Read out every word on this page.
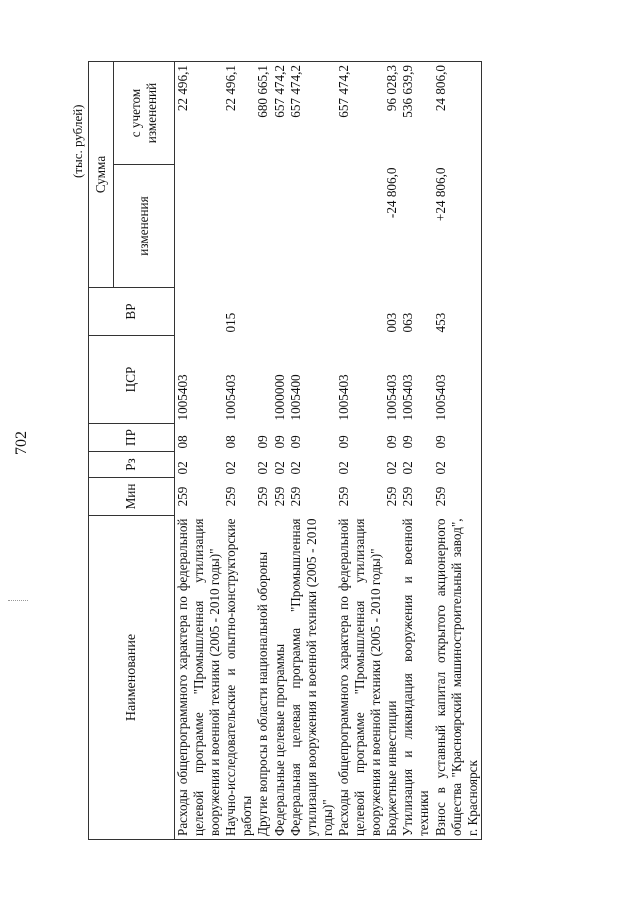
702
(тыс. рублей)
Наименование	Мин	Рз	ПР	ЦСР	ВР	Сумма	
						изменения	с учетом изменений
Расходы общепрограммного характера по федеральной целевой программе "Промышленная утилизация вооружения и военной техники (2005 - 2010 годы)"	259	02	08	1005403			22 496,1
Научно-исследовательские и опытно-конструкторские работы	259	02	08	1005403	015		22 496,1
Другие вопросы в области национальной обороны	259	02	09				680 665,1
Федеральные целевые программы	259	02	09	1000000			657 474,2
Федеральная целевая программа "Промышленная утилизация вооружения и военной техники (2005 - 2010 годы)"	259	02	09	1005400			657 474,2
Расходы общепрограммного характера по федеральной целевой программе "Промышленная утилизация вооружения и военной техники (2005 - 2010 годы)"	259	02	09	1005403			657 474,2
Бюджетные инвестиции	259	02	09	1005403	003	-24 806,0	96 028,3
Утилизация и ликвидация вооружения и военной техники	259	02	09	1005403	063		536 639,9
Взнос в уставный капитал открытого акционерного общества "Красноярский машиностроительный завод", г. Красноярск	259	02	09	1005403	453	+24 806,0	24 806,0
